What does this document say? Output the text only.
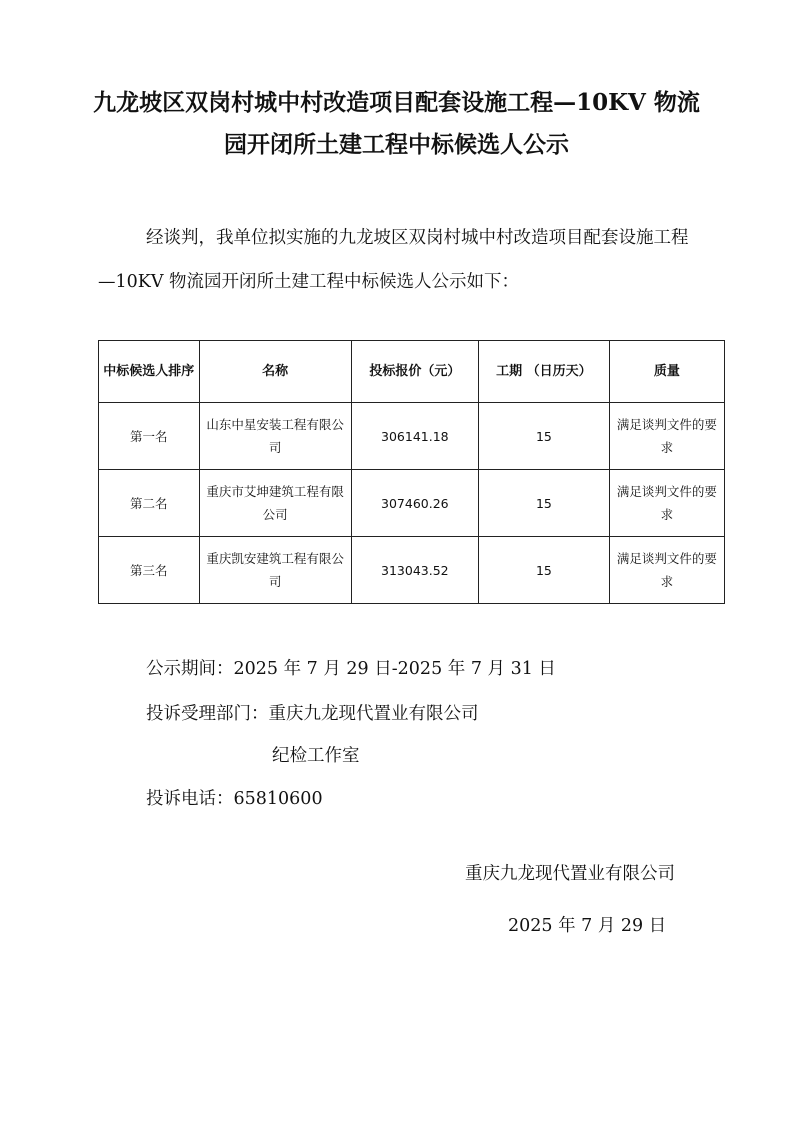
九龙坡区双岗村城中村改造项目配套设施工程—10KV 物流
园开闭所土建工程中标候选人公示
经谈判，我单位拟实施的九龙坡区双岗村城中村改造项目配套设施工程
—10KV 物流园开闭所土建工程中标候选人公示如下：
中标候选人排序	名称	投标报价（元）	工期 （日历天）	质量
第一名	山东中星安装工程有限公司	306141.18	15	满足谈判文件的要求
第二名	重庆市艾坤建筑工程有限公司	307460.26	15	满足谈判文件的要求
第三名	重庆凯安建筑工程有限公司	313043.52	15	满足谈判文件的要求
公示期间：2025 年 7 月 29 日-2025 年 7 月 31 日
投诉受理部门：重庆九龙现代置业有限公司
纪检工作室
投诉电话：65810600
重庆九龙现代置业有限公司
2025 年 7 月 29 日
